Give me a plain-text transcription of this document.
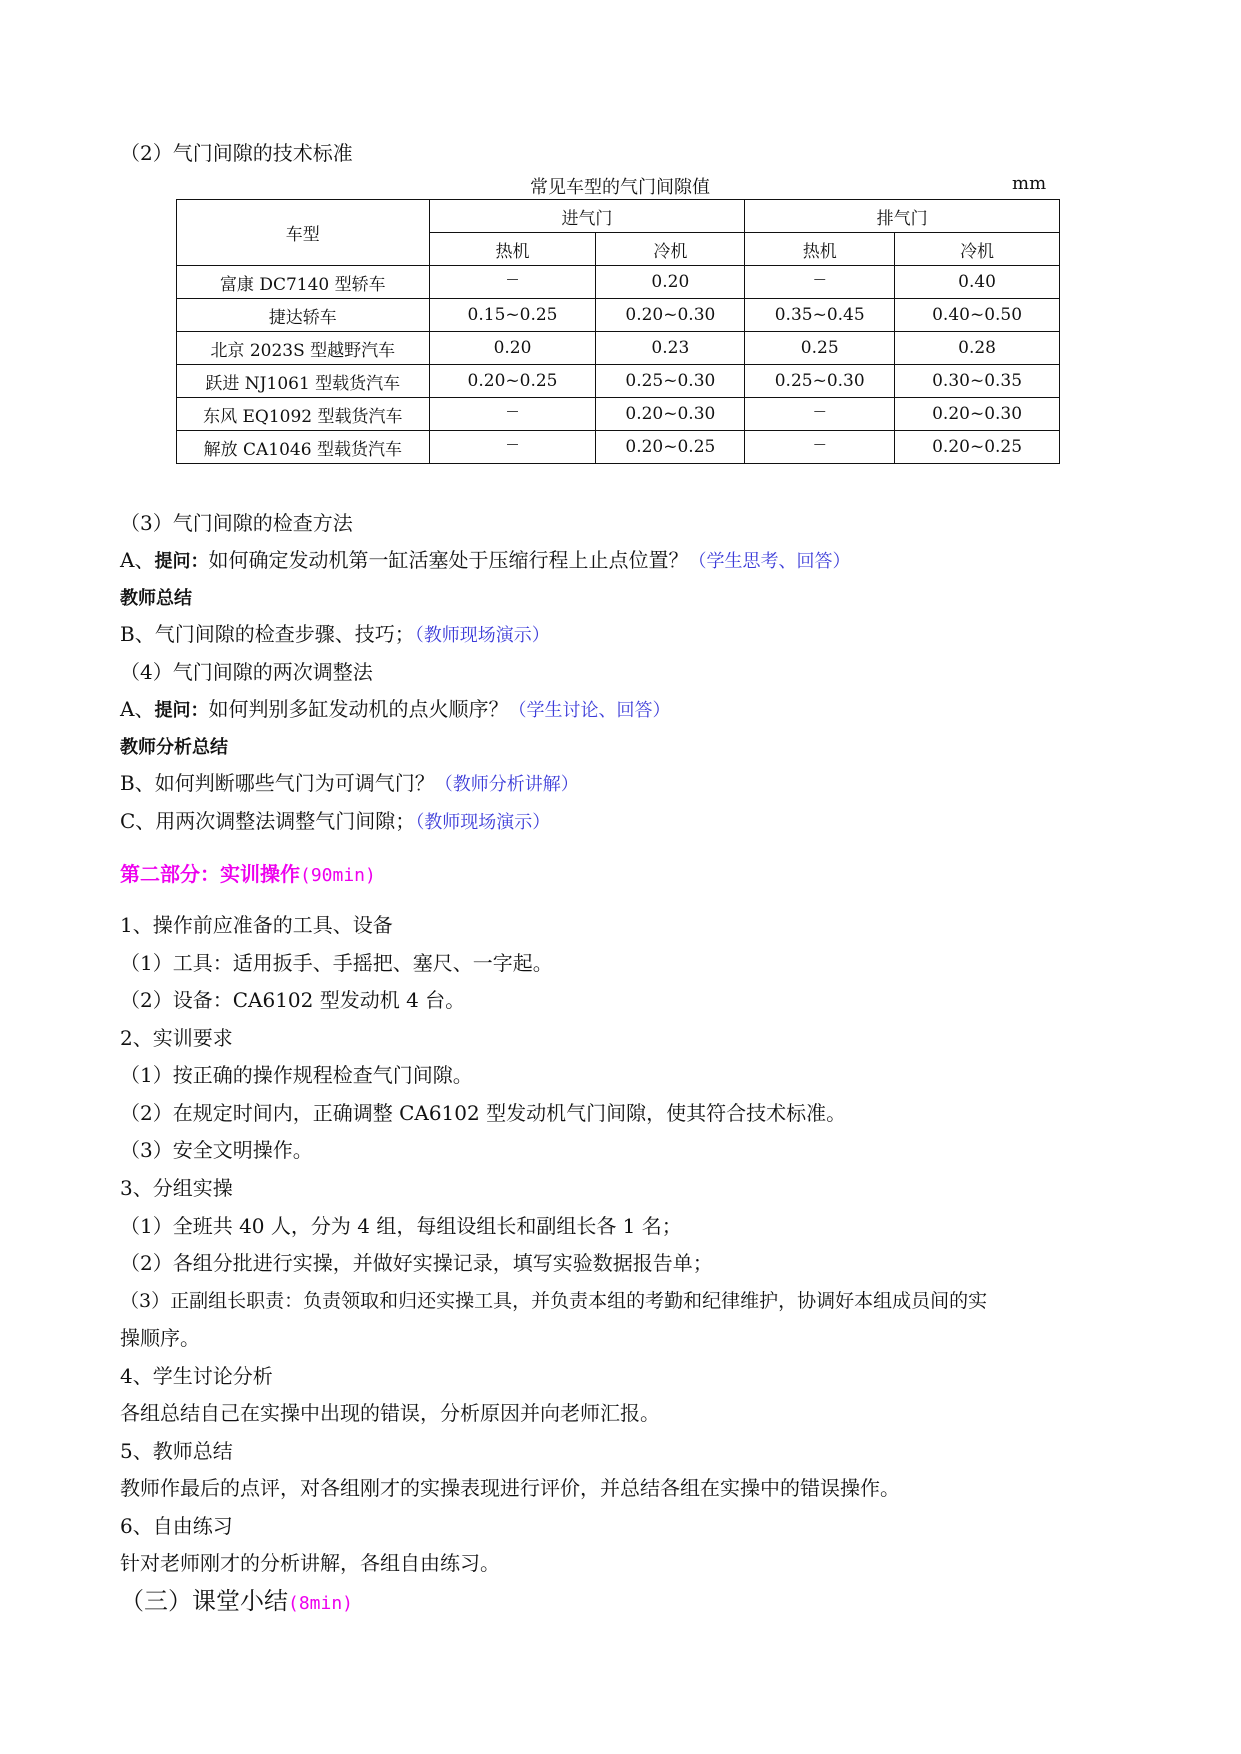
（2）气门间隙的技术标准
常见车型的气门间隙值	mm
车型	进气门		排气门	
	热机	冷机	热机	冷机
富康 DC7140 型轿车	—	0.20	—	0.40
捷达轿车	0.15~0.25	0.20~0.30	0.35~0.45	0.40~0.50
北京 2023S 型越野汽车	0.20	0.23	0.25	0.28
跃进 NJ1061 型载货汽车	0.20~0.25	0.25~0.30	0.25~0.30	0.30~0.35
东风 EQ1092 型载货汽车	—	0.20~0.30	—	0.20~0.30
解放 CA1046 型载货汽车	—	0.20~0.25	—	0.20~0.25
（3）气门间隙的检查方法
A、提问：如何确定发动机第一缸活塞处于压缩行程上止点位置？（学生思考、回答）
教师总结
B、气门间隙的检查步骤、技巧；（教师现场演示）
（4）气门间隙的两次调整法
A、提问：如何判别多缸发动机的点火顺序？（学生讨论、回答）
教师分析总结
B、如何判断哪些气门为可调气门？（教师分析讲解）
C、用两次调整法调整气门间隙；（教师现场演示）
第二部分：实训操作(90min)
1、操作前应准备的工具、设备
（1）工具：适用扳手、手摇把、塞尺、一字起。
（2）设备：CA6102 型发动机 4 台。
2、实训要求
（1）按正确的操作规程检查气门间隙。
（2）在规定时间内，正确调整 CA6102 型发动机气门间隙，使其符合技术标准。
（3）安全文明操作。
3、分组实操
（1）全班共 40 人，分为 4 组，每组设组长和副组长各 1 名；
（2）各组分批进行实操，并做好实操记录，填写实验数据报告单；
（3）正副组长职责：负责领取和归还实操工具，并负责本组的考勤和纪律维护，协调好本组成员间的实
操顺序。
4、学生讨论分析
各组总结自己在实操中出现的错误，分析原因并向老师汇报。
5、教师总结
教师作最后的点评，对各组刚才的实操表现进行评价，并总结各组在实操中的错误操作。
6、自由练习
针对老师刚才的分析讲解，各组自由练习。
（三）课堂小结(8min)
